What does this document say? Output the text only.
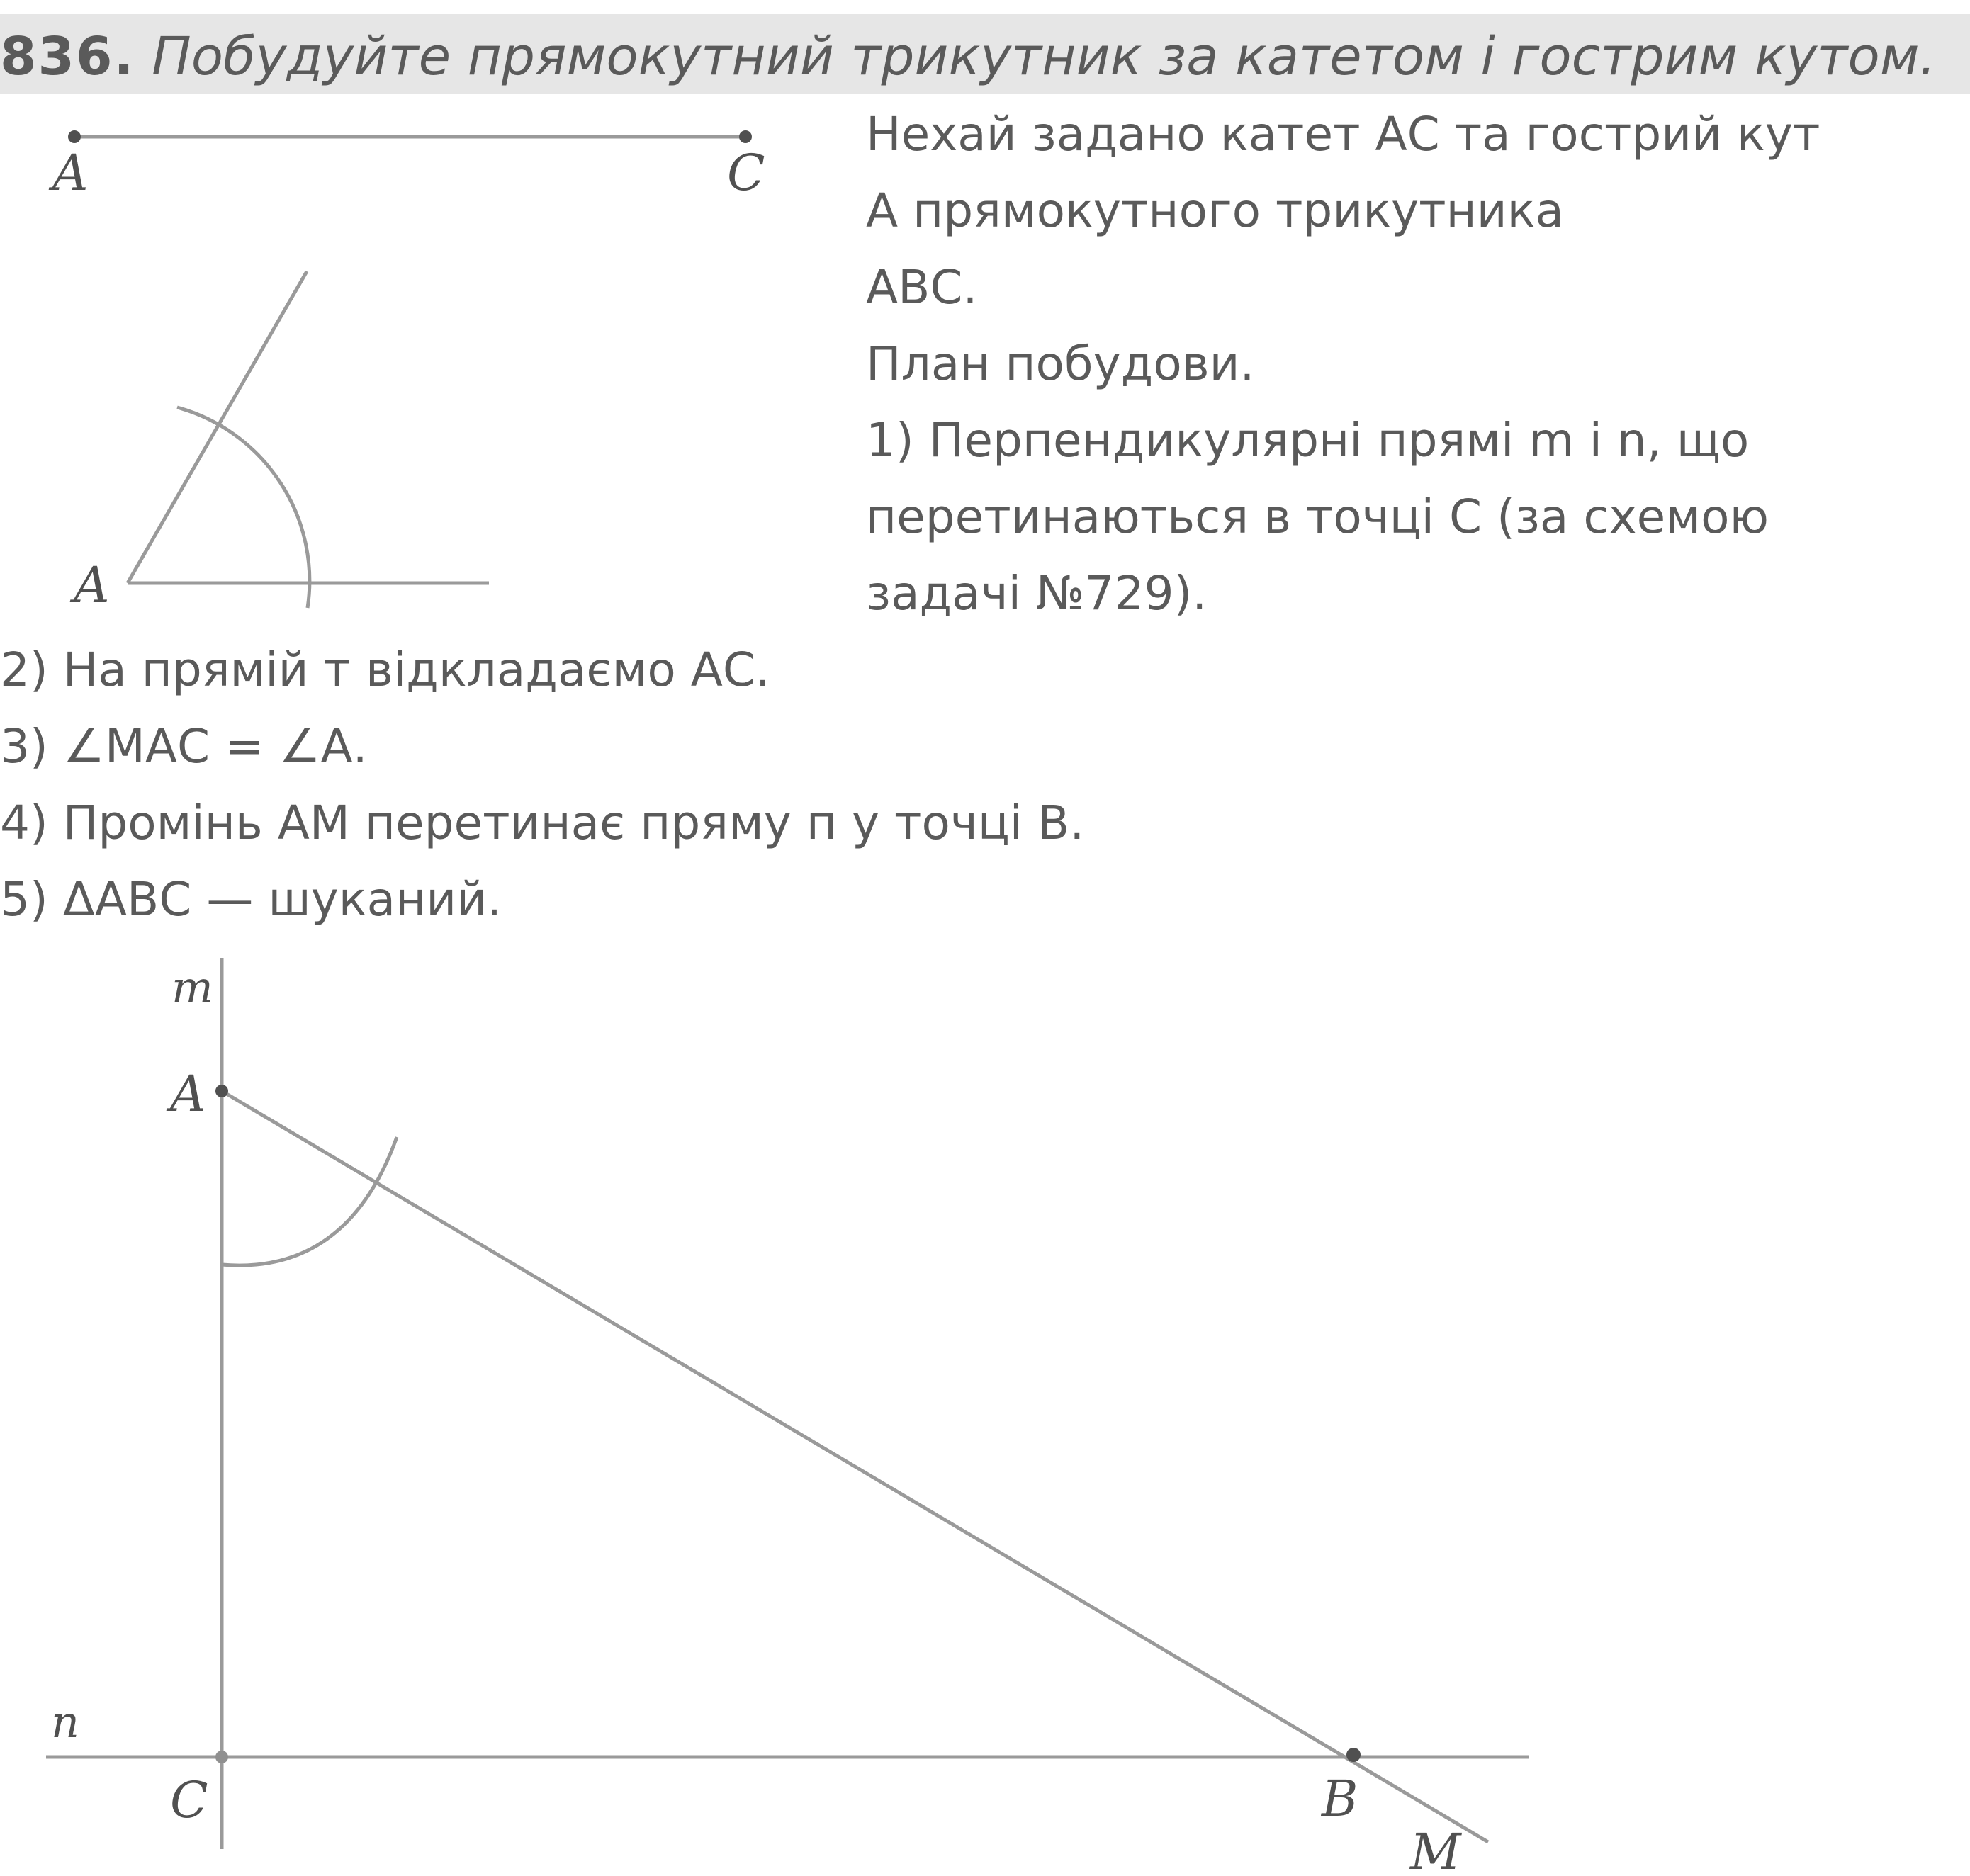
836. Побудуйте прямокутний трикутник за катетом і гострим кутом.
Нехай задано катет АС та гострий кут
А прямокутного трикутника
АВС.
План побудови.
1) Перпендикулярні прямі m і n, що
перетинаються в точці С (за схемою
задачі №729).
2) На прямій т відкладаємо АС.
3) ∠МАС = ∠А.
4) Промінь АМ перетинає пряму п у точці В.
5) ΔАВС — шуканий.
A	C
A
m
A
n
C	B
M
